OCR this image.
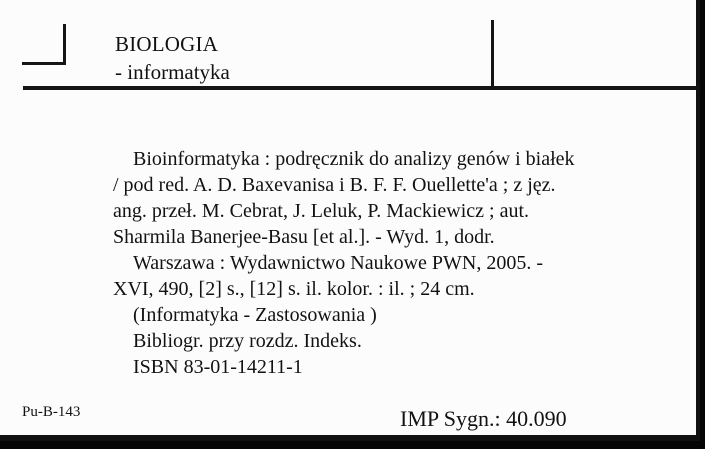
BIOLOGIA
- informatyka
Bioinformatyka : podręcznik do analizy genów i białek
/ pod red. A. D. Baxevanisa i B. F. F. Ouellette'a ; z jęz.
ang. przeł. M. Cebrat, J. Leluk, P. Mackiewicz ; aut.
Sharmila Banerjee-Basu [et al.]. - Wyd. 1, dodr.
Warszawa : Wydawnictwo Naukowe PWN, 2005. -
XVI, 490, [2] s., [12] s. il. kolor. : il. ; 24 cm.
(Informatyka - Zastosowania )
Bibliogr. przy rozdz. Indeks.
ISBN 83-01-14211-1
Pu-B-143	IMP Sygn.: 40.090
